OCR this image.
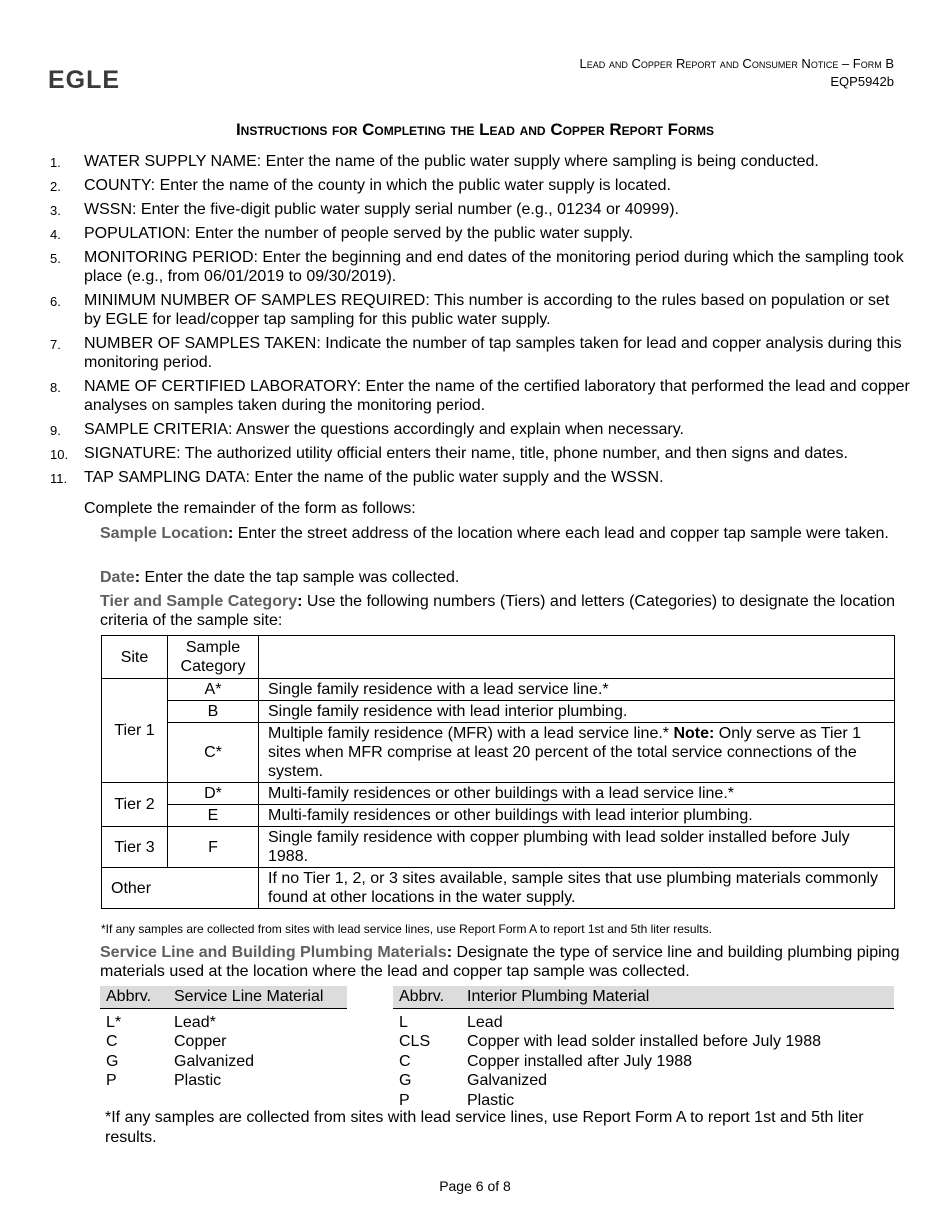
EGLE
Lead and Copper Report and Consumer Notice – Form B
EQP5942b
Instructions for Completing the Lead and Copper Report Forms
1.	WATER SUPPLY NAME: Enter the name of the public water supply where sampling is being conducted.
2.	COUNTY: Enter the name of the county in which the public water supply is located.
3.	WSSN: Enter the five-digit public water supply serial number (e.g., 01234 or 40999).
4.	POPULATION: Enter the number of people served by the public water supply.
5.	MONITORING PERIOD: Enter the beginning and end dates of the monitoring period during which the sampling took place (e.g., from 06/01/2019 to 09/30/2019).
6.	MINIMUM NUMBER OF SAMPLES REQUIRED: This number is according to the rules based on population or set by EGLE for lead/copper tap sampling for this public water supply.
7.	NUMBER OF SAMPLES TAKEN: Indicate the number of tap samples taken for lead and copper analysis during this monitoring period.
8.	NAME OF CERTIFIED LABORATORY: Enter the name of the certified laboratory that performed the lead and copper analyses on samples taken during the monitoring period.
9.	SAMPLE CRITERIA: Answer the questions accordingly and explain when necessary.
10. SIGNATURE: The authorized utility official enters their name, title, phone number, and then signs and dates.
11.	TAP SAMPLING DATA: Enter the name of the public water supply and the WSSN.
Complete the remainder of the form as follows:
Sample Location: Enter the street address of the location where each lead and copper tap sample were taken.
Date: Enter the date the tap sample was collected.
Tier and Sample Category: Use the following numbers (Tiers) and letters (Categories) to designate the location criteria of the sample site:
Site	Sample Category	
Tier 1	A*	Single family residence with a lead service line.*
	B	Single family residence with lead interior plumbing.
	C*	Multiple family residence (MFR) with a lead service line.* Note: Only serve as Tier 1 sites when MFR comprise at least 20 percent of the total service connections of the system.
Tier 2	D*	Multi-family residences or other buildings with a lead service line.*
	E	Multi-family residences or other buildings with lead interior plumbing.
Tier 3	F	Single family residence with copper plumbing with lead solder installed before July 1988.
Other		If no Tier 1, 2, or 3 sites available, sample sites that use plumbing materials commonly found at other locations in the water supply.
*If any samples are collected from sites with lead service lines, use Report Form A to report 1st and 5th liter results.
Service Line and Building Plumbing Materials: Designate the type of service line and building plumbing piping materials used at the location where the lead and copper tap sample was collected.
Abbrv.	Service Line Material

L*	Lead*
C	Copper
G	Galvanized
P	Plastic
Abbrv.	Interior Plumbing Material

L	Lead
CLS	Copper with lead solder installed before July 1988
C	Copper installed after July 1988
G	Galvanized
P	Plastic
*If any samples are collected from sites with lead service lines, use Report Form A to report 1st and 5th liter results.
Page 6 of 8
